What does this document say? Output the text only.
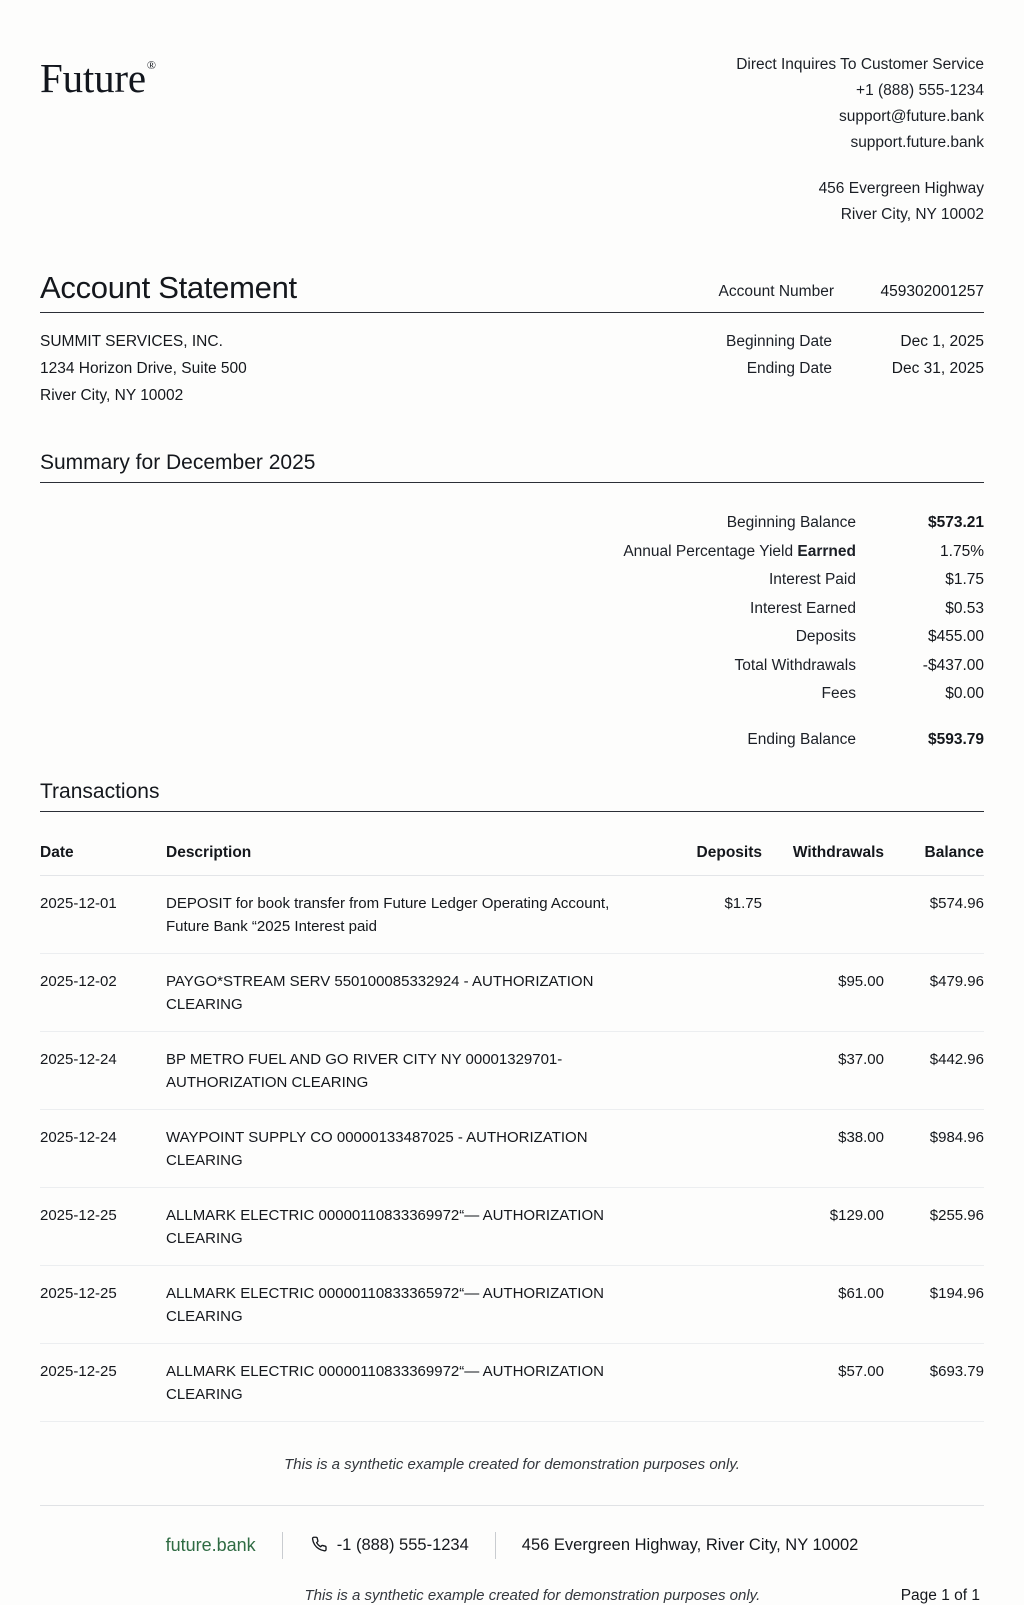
Future®	Direct Inquires To Customer Service
+1 (888) 555-1234
support@future.bank
support.future.bank
456 Evergreen Highway
River City, NY 10002
Account Statement	Account Number	459302001257
SUMMIT SERVICES, INC.
1234 Horizon Drive, Suite 500
River City, NY 10002
Beginning Date	Dec 1, 2025
Ending Date	Dec 31, 2025
Summary for December 2025
Beginning Balance	$573.21
Annual Percentage Yield Earrned	1.75%
Interest Paid	$1.75
Interest Earned	$0.53
Deposits	$455.00
Total Withdrawals	-$437.00
Fees	$0.00
Ending Balance	$593.79
Transactions
Date	Description	Deposits	Withdrawals	Balance
2025-12-01	DEPOSIT for book transfer from Future Ledger Operating Account, Future Bank “2025 Interest paid	$1.75		$574.96
2025-12-02	PAYGO*STREAM SERV 550100085332924 - AUTHORIZATION CLEARING		$95.00	$479.96
2025-12-24	BP METRO FUEL AND GO RIVER CITY NY 00001329701- AUTHORIZATION CLEARING		$37.00	$442.96
2025-12-24	WAYPOINT SUPPLY CO 00000133487025 - AUTHORIZATION CLEARING		$38.00	$984.96
2025-12-25	ALLMARK ELECTRIC 00000110833369972“— AUTHORIZATION CLEARING		$129.00	$255.96
2025-12-25	ALLMARK ELECTRIC 00000110833365972“— AUTHORIZATION CLEARING		$61.00	$194.96
2025-12-25	ALLMARK ELECTRIC 00000110833369972“— AUTHORIZATION CLEARING		$57.00	$693.79
This is a synthetic example created for demonstration purposes only.
future.bank	-1 (888) 555-1234	456 Evergreen Highway, River City, NY 10002
This is a synthetic example created for demonstration purposes only.	Page 1 of 1
